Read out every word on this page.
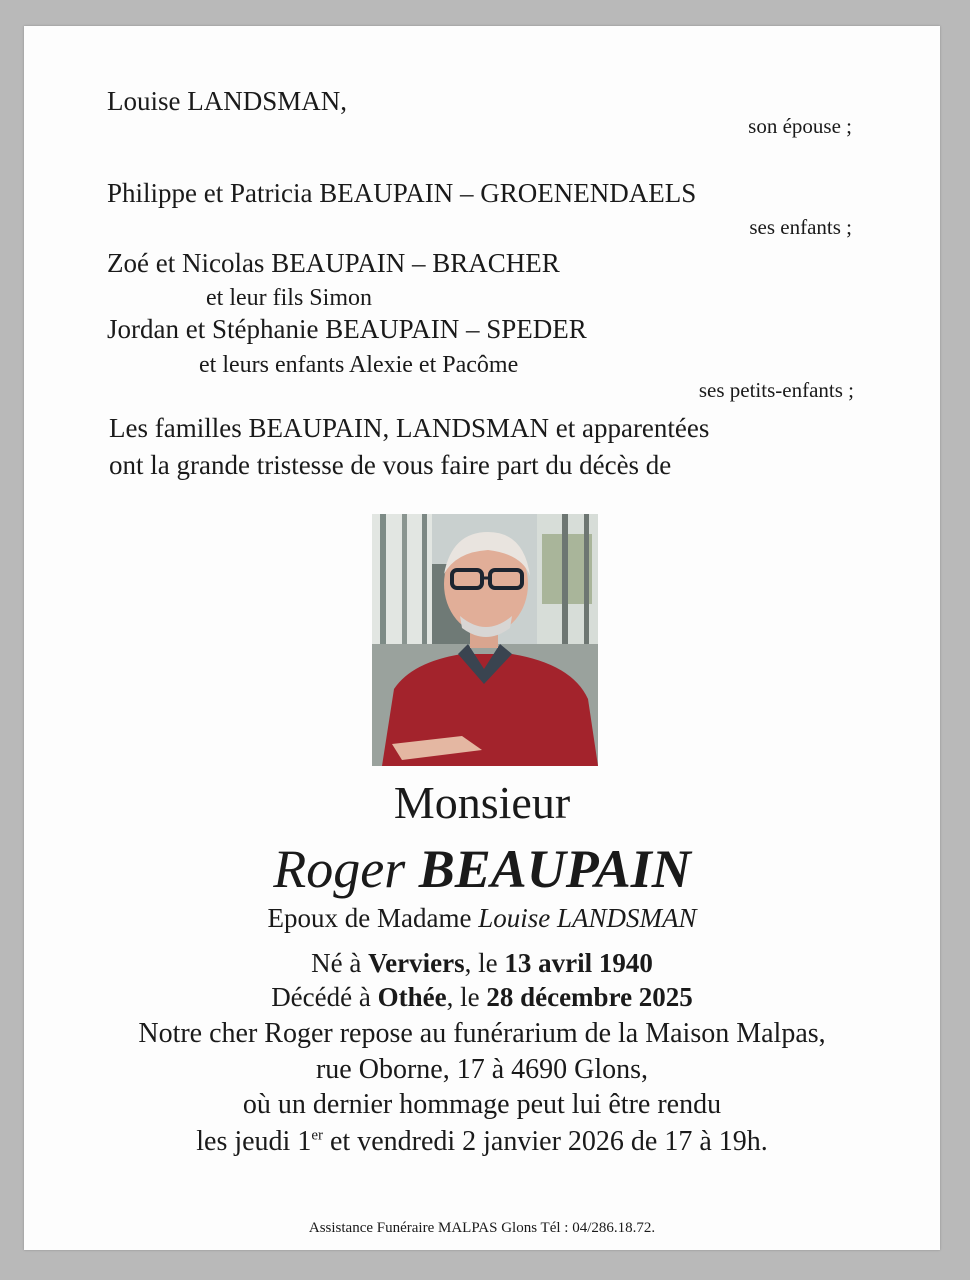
Louise LANDSMAN,
son épouse ;
Philippe et Patricia BEAUPAIN – GROENENDAELS
ses enfants ;
Zoé et Nicolas BEAUPAIN – BRACHER
et leur fils Simon
Jordan et Stéphanie BEAUPAIN – SPEDER
et leurs enfants Alexie et Pacôme
ses petits-enfants ;
Les familles BEAUPAIN, LANDSMAN et apparentées
ont la grande tristesse de vous faire part du décès de
Monsieur
Roger BEAUPAIN
Epoux de Madame Louise LANDSMAN
Né à Verviers, le 13 avril 1940
Décédé à Othée, le 28 décembre 2025
Notre cher Roger repose au funérarium de la Maison Malpas,
rue Oborne, 17 à 4690 Glons,
où un dernier hommage peut lui être rendu
les jeudi 1er et vendredi 2 janvier 2026 de 17 à 19h.
Assistance Funéraire MALPAS Glons Tél : 04/286.18.72.
